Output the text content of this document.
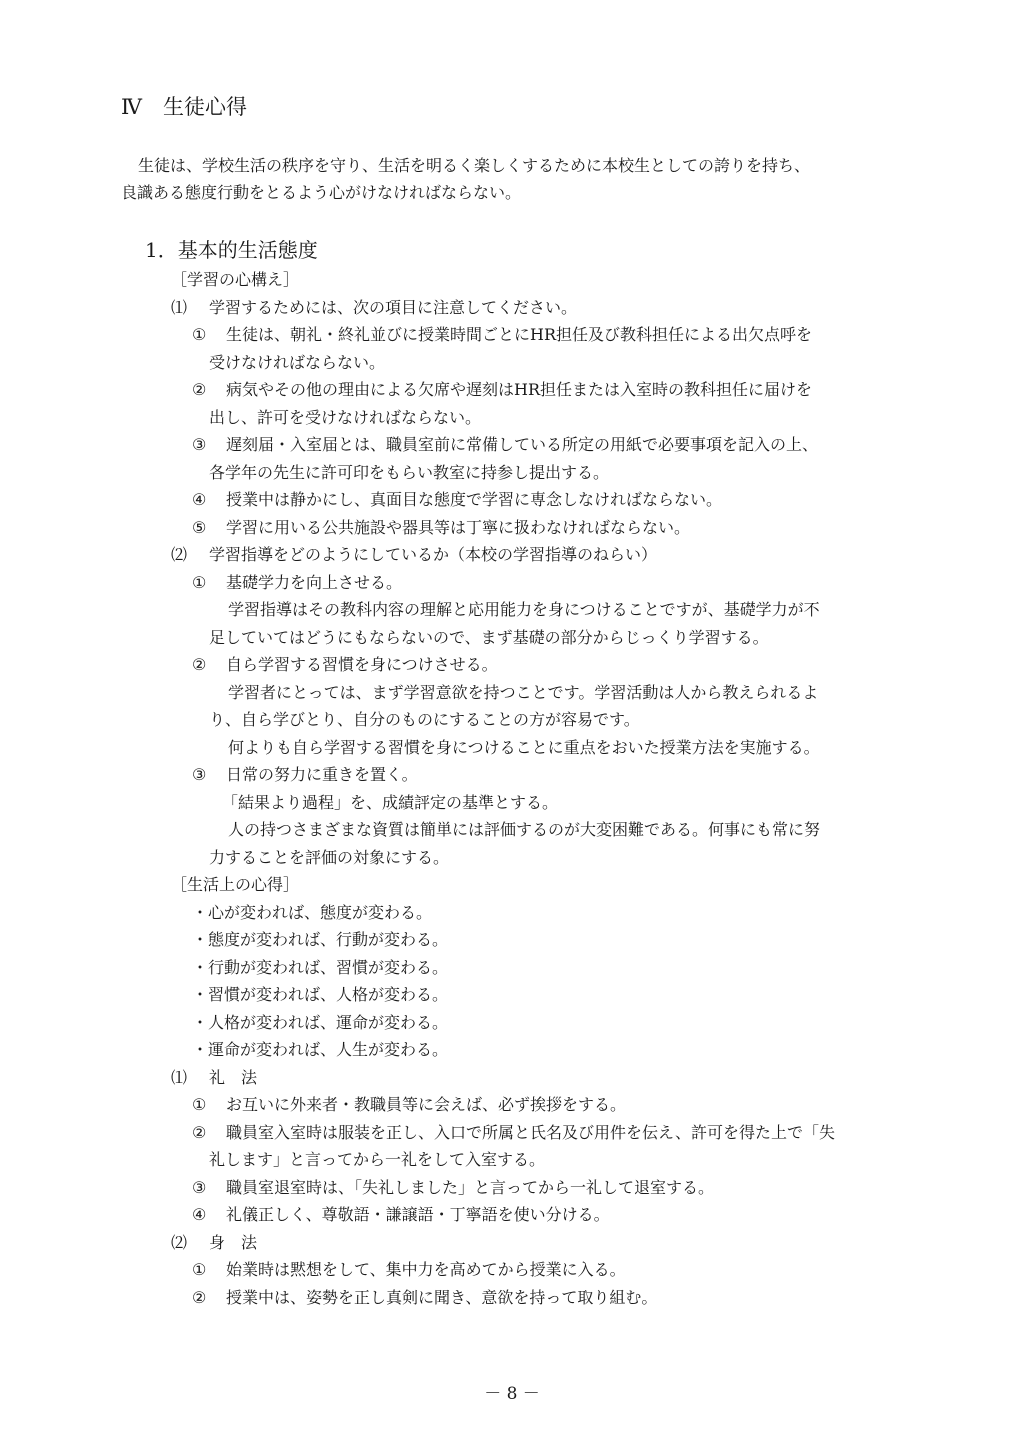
Ⅳ 生徒心得
生徒は、学校生活の秩序を守り、生活を明るく楽しくするために本校生としての誇りを持ち、
良識ある態度行動をとるよう心がけなければならない。
1．基本的生活態度
［学習の心構え］
⑴ 学習するためには、次の項目に注意してください。
① 生徒は、朝礼・終礼並びに授業時間ごとにHR担任及び教科担任による出欠点呼を
受けなければならない。
② 病気やその他の理由による欠席や遅刻はHR担任または入室時の教科担任に届けを
出し、許可を受けなければならない。
③ 遅刻届・入室届とは、職員室前に常備している所定の用紙で必要事項を記入の上、
各学年の先生に許可印をもらい教室に持参し提出する。
④ 授業中は静かにし、真面目な態度で学習に専念しなければならない。
⑤ 学習に用いる公共施設や器具等は丁寧に扱わなければならない。
⑵ 学習指導をどのようにしているか（本校の学習指導のねらい）
① 基礎学力を向上させる。
学習指導はその教科内容の理解と応用能力を身につけることですが、基礎学力が不
足していてはどうにもならないので、まず基礎の部分からじっくり学習する。
② 自ら学習する習慣を身につけさせる。
学習者にとっては、まず学習意欲を持つことです。学習活動は人から教えられるよ
り、自ら学びとり、自分のものにすることの方が容易です。
何よりも自ら学習する習慣を身につけることに重点をおいた授業方法を実施する。
③ 日常の努力に重きを置く。
「結果より過程」を、成績評定の基準とする。
人の持つさまざまな資質は簡単には評価するのが大変困難である。何事にも常に努
力することを評価の対象にする。
［生活上の心得］
・心が変われば、態度が変わる。
・態度が変われば、行動が変わる。
・行動が変われば、習慣が変わる。
・習慣が変われば、人格が変わる。
・人格が変われば、運命が変わる。
・運命が変われば、人生が変わる。
⑴ 礼　法
① お互いに外来者・教職員等に会えば、必ず挨拶をする。
② 職員室入室時は服装を正し、入口で所属と氏名及び用件を伝え、許可を得た上で「失
礼します」と言ってから一礼をして入室する。
③ 職員室退室時は、「失礼しました」と言ってから一礼して退室する。
④ 礼儀正しく、尊敬語・謙譲語・丁寧語を使い分ける。
⑵ 身　法
① 始業時は黙想をして、集中力を高めてから授業に入る。
② 授業中は、姿勢を正し真剣に聞き、意欲を持って取り組む。
－ 8 －
